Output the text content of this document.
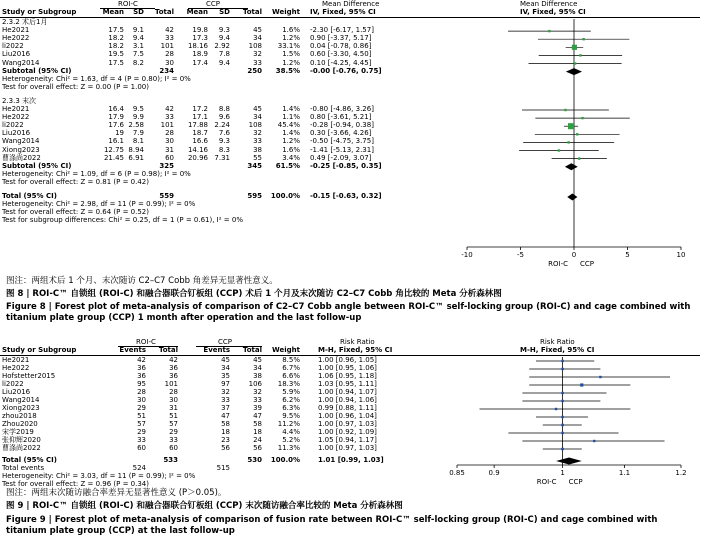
ROI-C	CCP	Mean Difference	Mean Difference
Study or Subgroup	Mean	SD	Total	Mean	SD	Total	Weight IV, Fixed, 95% CI	IV, Fixed, 95% CI
2.3.2 术后1月
He2021	17.5	9.1	42	19.8	9.3	45	1.6% -2.30 [-6.17, 1.57]
He2022	18.2	9.4	33	17.3	9.4	34	1.2% 0.90 [-3.37, 5.17]
li2022	18.2	3.1	101	18.16 2.92	108	33.1% 0.04 [-0.78, 0.86]
Liu2016	19.5	7.5	28	18.9	7.8	32	1.5% 0.60 [-3.30, 4.50]
Wang2014	17.5	8.2	30	17.4	9.4	33	1.2% 0.10 [-4.25, 4.45]
Subtotal (95% CI)	234	250	38.5% -0.00 [-0.76, 0.75]
Heterogeneity: Chi² = 1.63, df = 4 (P = 0.80); I² = 0%
Test for overall effect: Z = 0.00 (P = 1.00)
2.3.3 末次
He2021	16.4	9.5	42	17.2	8.8	45	1.4% -0.80 [-4.86, 3.26]
He2022	17.9	9.9	33	17.1	9.6	34	1.1% 0.80 [-3.61, 5.21]
li2022	17.6 2.58	101	17.88 2.24	108	45.4% -0.28 [-0.94, 0.38]
Liu2016	19	7.9	28	18.7	7.6	32	1.4% 0.30 [-3.66, 4.26]
Wang2014	16.1	8.1	30	16.6	9.3	33	1.2% -0.50 [-4.75, 3.75]
Xiong2023	12.75 8.94	31	14.16	8.3	38	1.6% -1.41 [-5.13, 2.31]
曹涤尚2022	21.45 6.91	60	20.96 7.31	55	3.4% 0.49 [-2.09, 3.07]
Subtotal (95% CI)	325	345	61.5% -0.25 [-0.85, 0.35]
Heterogeneity: Chi² = 1.09, df = 6 (P = 0.98); I² = 0%
Test for overall effect: Z = 0.81 (P = 0.42)
Total (95% CI)	559	595	100.0% -0.15 [-0.63, 0.32]
Heterogeneity: Chi² = 2.98, df = 11 (P = 0.99); I² = 0%
Test for overall effect: Z = 0.64 (P = 0.52)
Test for subgroup differences: Chi² = 0.25, df = 1 (P = 0.61), I² = 0%
-10	-5	0	5	10
ROI-C CCP
图注：两组术后 1 个月、末次随访 C2–C7 Cobb 角差异无显著性意义。
图 8 | ROI-C™ 自锁组 (ROI-C) 和融合器联合钉板组 (CCP) 术后 1 个月及末次随访 C2–C7 Cobb 角比较的 Meta 分析森林图
Figure 8 | Forest plot of meta-analysis of comparison of C2–C7 Cobb angle between ROI-C™ self-locking group (ROI-C) and cage combined with titanium plate group (CCP) 1 month after operation and the last follow-up
ROI-C	CCP	Risk Ratio	Risk Ratio
Study or Subgroup	Events	Total	Events	Total	Weight	M-H, Fixed, 95% CI	M-H, Fixed, 95% CI
He2021	42	42	45	45	8.5%	1.00 [0.96, 1.05]
He2022	36	36	34	34	6.7%	1.00 [0.95, 1.06]
Hofstetter2015	36	36	35	38	6.6%	1.06 [0.95, 1.18]
li2022	95	101	97	106	18.3%	1.03 [0.95, 1.11]
Liu2016	28	28	32	32	5.9%	1.00 [0.94, 1.07]
Wang2014	30	30	33	33	6.2%	1.00 [0.94, 1.06]
Xiong2023	29	31	37	39	6.3%	0.99 [0.88, 1.11]
zhou2018	51	51	47	47	9.5%	1.00 [0.96, 1.04]
Zhou2020	57	57	58	58	11.2%	1.00 [0.97, 1.03]
宋学2019	29	29	18	18	4.4%	1.00 [0.92, 1.09]
张仰辉2020	33	33	23	24	5.2%	1.05 [0.94, 1.17]
曹涤尚2022	60	60	56	56	11.3%	1.00 [0.97, 1.03]
Total (95% CI)	533	530	100.0%	1.01 [0.99, 1.03]
Total events	524	515
Heterogeneity: Chi² = 3.03, df = 11 (P = 0.99); I² = 0%
Test for overall effect: Z = 0.96 (P = 0.34)
0.85	0.9	1	1.1	1.2
ROI-C CCP
图注：两组末次随访融合率差异无显著性意义 (P＞0.05)。
图 9 | ROI-C™ 自锁组 (ROI-C) 和融合器联合钉板组 (CCP) 末次随访融合率比较的 Meta 分析森林图
Figure 9 | Forest plot of meta-analysis of comparison of fusion rate between ROI-C™ self-locking group (ROI-C) and cage combined with titanium plate group (CCP) at the last follow-up
